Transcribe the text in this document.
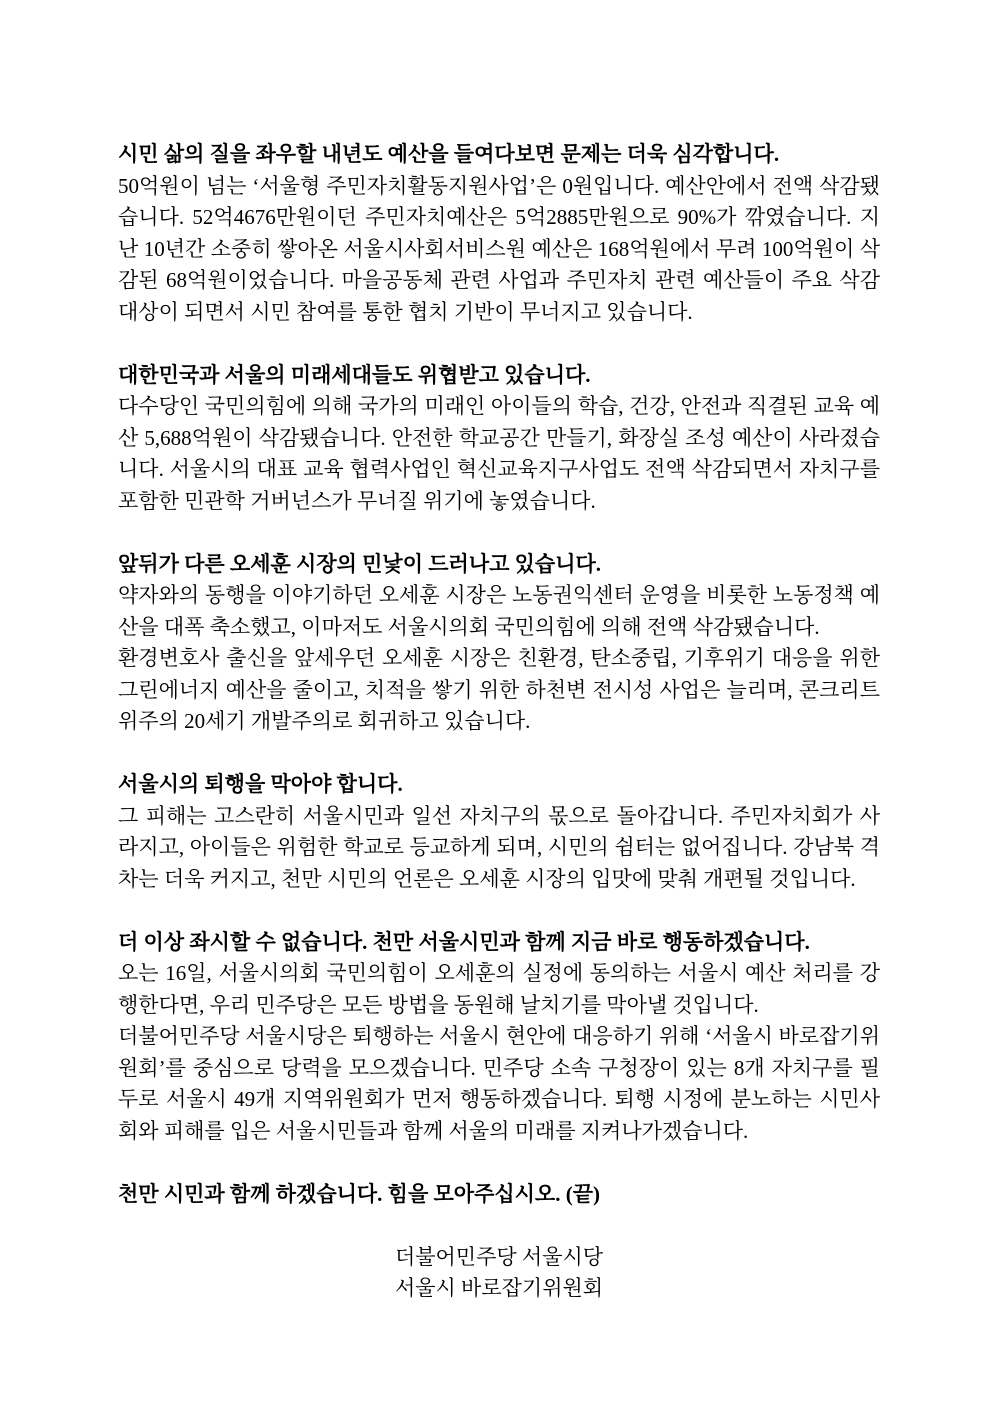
시민 삶의 질을 좌우할 내년도 예산을 들여다보면 문제는 더욱 심각합니다.

50억원이 넘는 ‘서울형 주민자치활동지원사업’은 0원입니다. 예산안에서 전액 삭감됐습니다. 52억4676만원이던 주민자치예산은 5억2885만원으로 90%가 깎였습니다. 지난 10년간 소중히 쌓아온 서울시사회서비스원 예산은 168억원에서 무려 100억원이 삭감된 68억원이었습니다. 마을공동체 관련 사업과 주민자치 관련 예산들이 주요 삭감대상이 되면서 시민 참여를 통한 협치 기반이 무너지고 있습니다.

대한민국과 서울의 미래세대들도 위협받고 있습니다.

다수당인 국민의힘에 의해 국가의 미래인 아이들의 학습, 건강, 안전과 직결된 교육 예산 5,688억원이 삭감됐습니다. 안전한 학교공간 만들기, 화장실 조성 예산이 사라졌습니다. 서울시의 대표 교육 협력사업인 혁신교육지구사업도 전액 삭감되면서 자치구를 포함한 민관학 거버넌스가 무너질 위기에 놓였습니다.

앞뒤가 다른 오세훈 시장의 민낯이 드러나고 있습니다.

약자와의 동행을 이야기하던 오세훈 시장은 노동권익센터 운영을 비롯한 노동정책 예산을 대폭 축소했고, 이마저도 서울시의회 국민의힘에 의해 전액 삭감됐습니다.

환경변호사 출신을 앞세우던 오세훈 시장은 친환경, 탄소중립, 기후위기 대응을 위한 그린에너지 예산을 줄이고, 치적을 쌓기 위한 하천변 전시성 사업은 늘리며, 콘크리트 위주의 20세기 개발주의로 회귀하고 있습니다.

서울시의 퇴행을 막아야 합니다.

그 피해는 고스란히 서울시민과 일선 자치구의 몫으로 돌아갑니다. 주민자치회가 사라지고, 아이들은 위험한 학교로 등교하게 되며, 시민의 쉼터는 없어집니다. 강남북 격차는 더욱 커지고, 천만 시민의 언론은 오세훈 시장의 입맛에 맞춰 개편될 것입니다.

더 이상 좌시할 수 없습니다. 천만 서울시민과 함께 지금 바로 행동하겠습니다.

오는 16일, 서울시의회 국민의힘이 오세훈의 실정에 동의하는 서울시 예산 처리를 강행한다면, 우리 민주당은 모든 방법을 동원해 날치기를 막아낼 것입니다.

더불어민주당 서울시당은 퇴행하는 서울시 현안에 대응하기 위해 ‘서울시 바로잡기위원회’를 중심으로 당력을 모으겠습니다. 민주당 소속 구청장이 있는 8개 자치구를 필두로 서울시 49개 지역위원회가 먼저 행동하겠습니다. 퇴행 시정에 분노하는 시민사회와 피해를 입은 서울시민들과 함께 서울의 미래를 지켜나가겠습니다.

천만 시민과 함께 하겠습니다. 힘을 모아주십시오. (끝)

더불어민주당 서울시당
서울시 바로잡기위원회
